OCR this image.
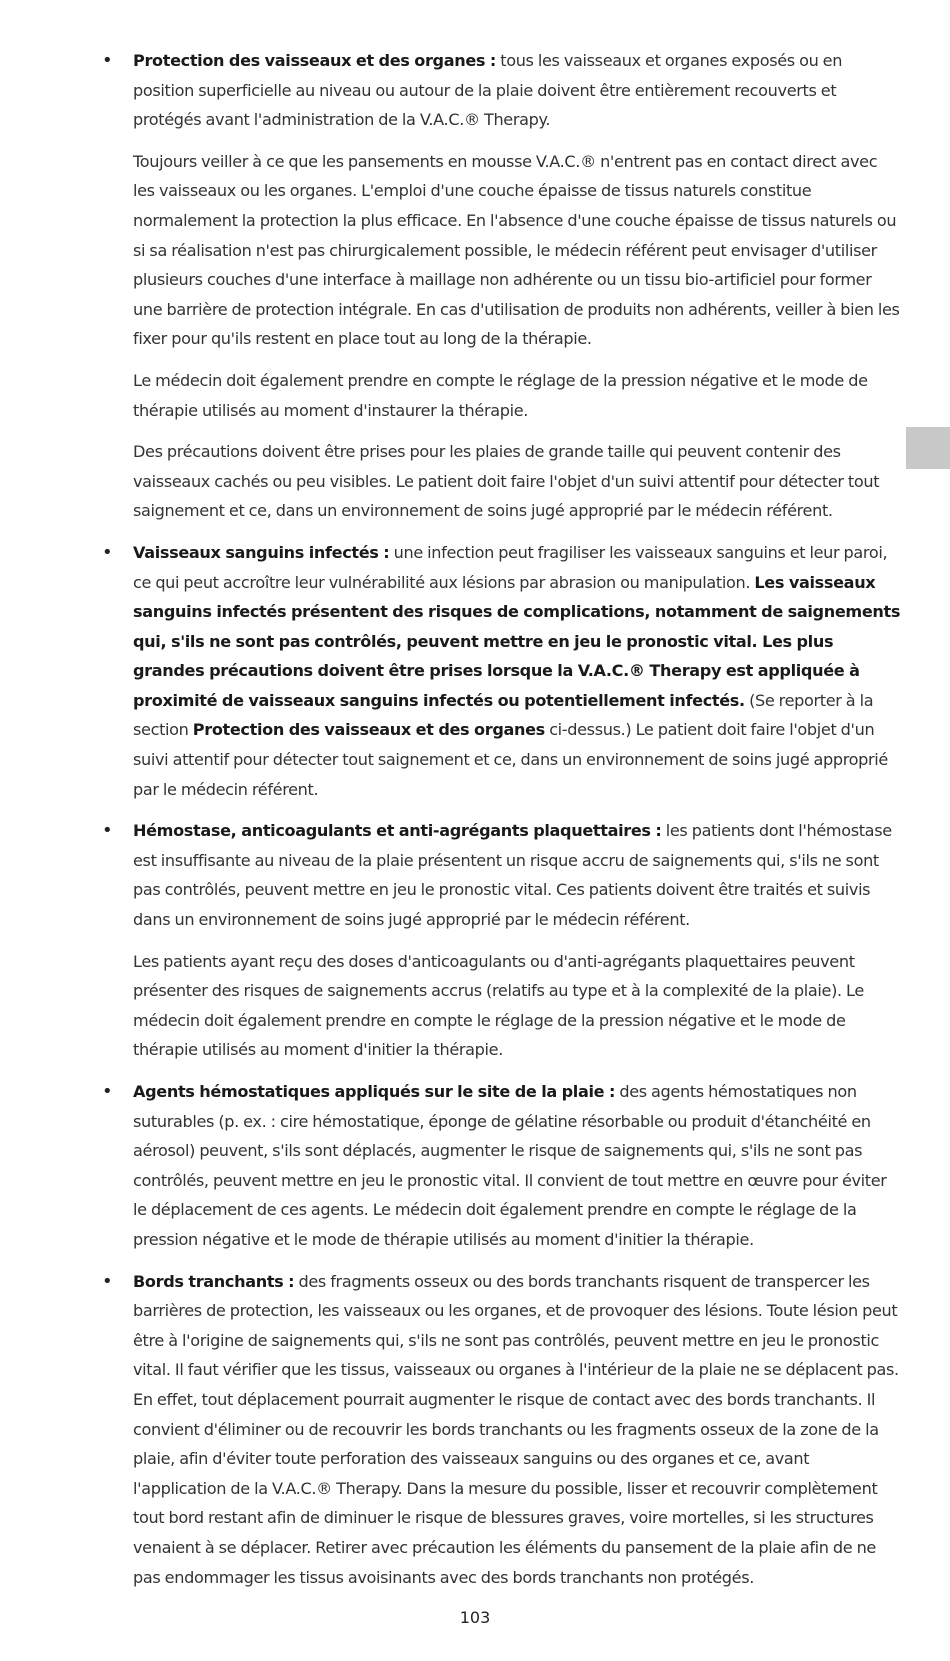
• Protection des vaisseaux et des organes : tous les vaisseaux et organes exposés ou en position superficielle au niveau ou autour de la plaie doivent être entièrement recouverts et protégés avant l'administration de la V.A.C.® Therapy.

Toujours veiller à ce que les pansements en mousse V.A.C.® n'entrent pas en contact direct avec les vaisseaux ou les organes. L'emploi d'une couche épaisse de tissus naturels constitue normalement la protection la plus efficace. En l'absence d'une couche épaisse de tissus naturels ou si sa réalisation n'est pas chirurgicalement possible, le médecin référent peut envisager d'utiliser plusieurs couches d'une interface à maillage non adhérente ou un tissu bio-artificiel pour former une barrière de protection intégrale. En cas d'utilisation de produits non adhérents, veiller à bien les fixer pour qu'ils restent en place tout au long de la thérapie.

Le médecin doit également prendre en compte le réglage de la pression négative et le mode de thérapie utilisés au moment d'instaurer la thérapie.

Des précautions doivent être prises pour les plaies de grande taille qui peuvent contenir des vaisseaux cachés ou peu visibles. Le patient doit faire l'objet d'un suivi attentif pour détecter tout saignement et ce, dans un environnement de soins jugé approprié par le médecin référent.

• Vaisseaux sanguins infectés : une infection peut fragiliser les vaisseaux sanguins et leur paroi, ce qui peut accroître leur vulnérabilité aux lésions par abrasion ou manipulation. Les vaisseaux sanguins infectés présentent des risques de complications, notamment de saignements qui, s'ils ne sont pas contrôlés, peuvent mettre en jeu le pronostic vital. Les plus grandes précautions doivent être prises lorsque la V.A.C.® Therapy est appliquée à proximité de vaisseaux sanguins infectés ou potentiellement infectés. (Se reporter à la section Protection des vaisseaux et des organes ci-dessus.) Le patient doit faire l'objet d'un suivi attentif pour détecter tout saignement et ce, dans un environnement de soins jugé approprié par le médecin référent.

• Hémostase, anticoagulants et anti-agrégants plaquettaires : les patients dont l'hémostase est insuffisante au niveau de la plaie présentent un risque accru de saignements qui, s'ils ne sont pas contrôlés, peuvent mettre en jeu le pronostic vital. Ces patients doivent être traités et suivis dans un environnement de soins jugé approprié par le médecin référent.

Les patients ayant reçu des doses d'anticoagulants ou d'anti-agrégants plaquettaires peuvent présenter des risques de saignements accrus (relatifs au type et à la complexité de la plaie). Le médecin doit également prendre en compte le réglage de la pression négative et le mode de thérapie utilisés au moment d'initier la thérapie.

• Agents hémostatiques appliqués sur le site de la plaie : des agents hémostatiques non suturables (p. ex. : cire hémostatique, éponge de gélatine résorbable ou produit d'étanchéité en aérosol) peuvent, s'ils sont déplacés, augmenter le risque de saignements qui, s'ils ne sont pas contrôlés, peuvent mettre en jeu le pronostic vital. Il convient de tout mettre en œuvre pour éviter le déplacement de ces agents. Le médecin doit également prendre en compte le réglage de la pression négative et le mode de thérapie utilisés au moment d'initier la thérapie.

• Bords tranchants : des fragments osseux ou des bords tranchants risquent de transpercer les barrières de protection, les vaisseaux ou les organes, et de provoquer des lésions. Toute lésion peut être à l'origine de saignements qui, s'ils ne sont pas contrôlés, peuvent mettre en jeu le pronostic vital. Il faut vérifier que les tissus, vaisseaux ou organes à l'intérieur de la plaie ne se déplacent pas. En effet, tout déplacement pourrait augmenter le risque de contact avec des bords tranchants. Il convient d'éliminer ou de recouvrir les bords tranchants ou les fragments osseux de la zone de la plaie, afin d'éviter toute perforation des vaisseaux sanguins ou des organes et ce, avant l'application de la V.A.C.® Therapy. Dans la mesure du possible, lisser et recouvrir complètement tout bord restant afin de diminuer le risque de blessures graves, voire mortelles, si les structures venaient à se déplacer. Retirer avec précaution les éléments du pansement de la plaie afin de ne pas endommager les tissus avoisinants avec des bords tranchants non protégés.

103
